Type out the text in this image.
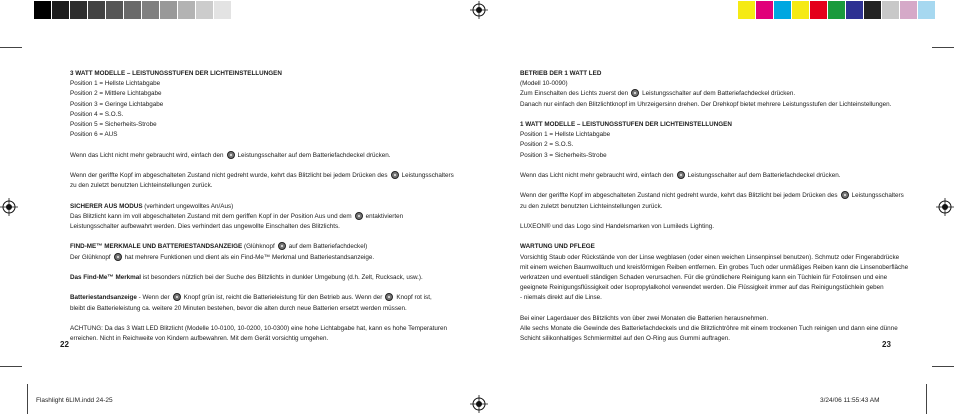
3 WATT MODELLE – LEISTUNGSSTUFEN DER LICHTEINSTELLUNGEN
Position 1 = Hellste Lichtabgabe
Position 2 = Mittlere Lichtabgabe
Position 3 = Geringe Lichtabgabe
Position 4 = S.O.S.
Position 5 = Sicherheits-Strobe
Position 6 = AUS
Wenn das Licht nicht mehr gebraucht wird, einfach den Leistungsschalter auf dem Batteriefachdeckel drücken.
Wenn der geriffte Kopf im abgeschalteten Zustand nicht gedreht wurde, kehrt das Blitzlicht bei jedem Drücken des Leistungsschalters
zu den zuletzt benutzten Lichteinstellungen zurück.
SICHERER AUS MODUS (verhindert ungewolltes An/Aus)
Das Blitzlicht kann im voll abgeschalteten Zustand mit dem geriffen Kopf in der Position Aus und dem entaktivierten
Leistungsschalter aufbewahrt werden. Dies verhindert das ungewollte Einschalten des Blitzlichts.
FIND-ME™ MERKMALE UND BATTERIESTANDSANZEIGE (Glühknopf auf dem Batteriefachdeckel)
Der Glühknopf hat mehrere Funktionen und dient als ein Find-Me™ Merkmal und Batteriestandsanzeige.
Das Find-Me™ Merkmal ist besonders nützlich bei der Suche des Blitzlichts in dunkler Umgebung (d.h. Zelt, Rucksack, usw.).
Batteriestandsanzeige - Wenn der Knopf grün ist, reicht die Batterieleistung für den Betrieb aus. Wenn der Knopf rot ist,
bleibt die Batterieleistung ca. weitere 20 Minuten bestehen, bevor die alten durch neue Batterien ersetzt werden müssen.
ACHTUNG: Da das 3 Watt LED Blitzlicht (Modelle 10-0100, 10-0200, 10-0300) eine hohe Lichtabgabe hat, kann es hohe Temperaturen
erreichen. Nicht in Reichweite von Kindern aufbewahren. Mit dem Gerät vorsichtig umgehen.
22
BETRIEB DER 1 WATT LED
(Modell 10-0090)
Zum Einschalten des Lichts zuerst den Leistungsschalter auf dem Batteriefachdeckel drücken.
Danach nur einfach den Blitzlichtknopf im Uhrzeigersinn drehen. Der Drehkopf bietet mehrere Leistungsstufen der Lichteinstellungen.
1 WATT MODELLE – LEISTUNGSSTUFEN DER LICHTEINSTELLUNGEN
Position 1 = Hellste Lichtabgabe
Position 2 = S.O.S.
Position 3 = Sicherheits-Strobe
Wenn das Licht nicht mehr gebraucht wird, einfach den Leistungsschalter auf dem Batteriefachdeckel drücken.
Wenn der geriffte Kopf im abgeschalteten Zustand nicht gedreht wurde, kehrt das Blitzlicht bei jedem Drücken des Leistungsschalters
zu den zuletzt benutzten Lichteinstellungen zurück.
LUXEON® und das Logo sind Handelsmarken von Lumileds Lighting.
WARTUNG UND PFLEGE
Vorsichtig Staub oder Rückstände von der Linse wegblasen (oder einen weichen Linsenpinsel benutzen). Schmutz oder Fingerabdrücke
mit einem weichen Baumwolltuch und kreisförmigen Reiben entfernen. Ein grobes Tuch oder unmäßiges Reiben kann die Linsenoberfläche
verkratzen und eventuell ständigen Schaden verursachen. Für die gründlichere Reinigung kann ein Tüchlein für Fotolinsen und eine
geeignete Reinigungsflüssigkeit oder Isopropylalkohol verwendet werden. Die Flüssigkeit immer auf das Reinigungstüchlein geben
- niemals direkt auf die Linse.
Bei einer Lagerdauer des Blitzlichts von über zwei Monaten die Batterien herausnehmen.
Alle sechs Monate die Gewinde des Batteriefachdeckels und die Blitzlichtröhre mit einem trockenen Tuch reinigen und dann eine dünne
Schicht silikonhaltiges Schmiermittel auf den O-Ring aus Gummi auftragen.
23
Flashlight 6LIM.indd 24-25	3/24/06 11:55:43 AM
